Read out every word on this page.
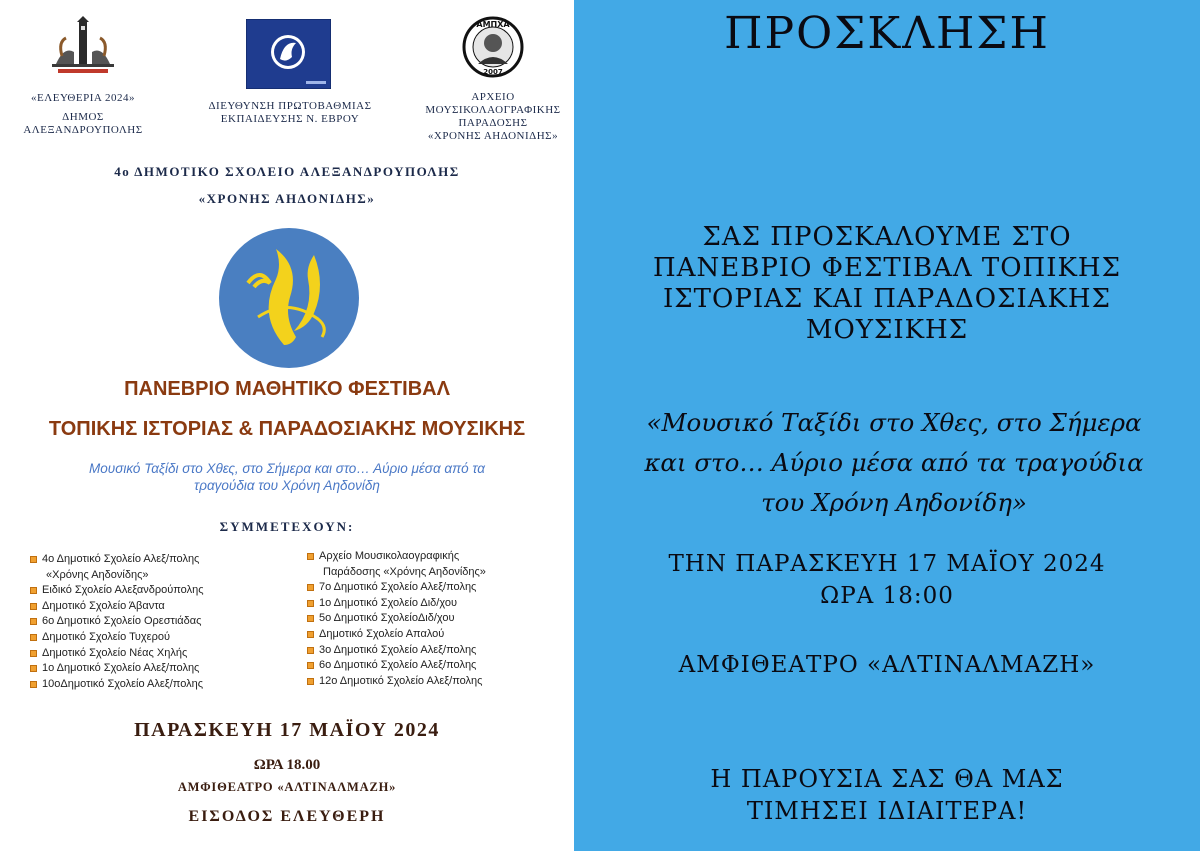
«ΕΛΕΥΘΕΡΙΑ 2024»
ΔΗΜΟΣ
ΑΛΕΞΑΝΔΡΟΥΠΟΛΗΣ
ΔΙΕΥΘΥΝΣΗ ΠΡΩΤΟΒΑΘΜΙΑΣ
ΕΚΠΑΙΔΕΥΣΗΣ Ν. ΕΒΡΟΥ
ΑΜΠΧΑ
2007
ΑΡΧΕΙΟ
ΜΟΥΣΙΚΟΛΑΟΓΡΑΦΙΚΗΣ
ΠΑΡΑΔΟΣΗΣ
«ΧΡΟΝΗΣ ΑΗΔΟΝΙΔΗΣ»
4ο ΔΗΜΟΤΙΚΟ ΣΧΟΛΕΙΟ ΑΛΕΞΑΝΔΡΟΥΠΟΛΗΣ
«ΧΡΟΝΗΣ ΑΗΔΟΝΙΔΗΣ»
ΠΑΝΕΒΡΙΟ ΜΑΘΗΤΙΚΟ ΦΕΣΤΙΒΑΛ
ΤΟΠΙΚΗΣ ΙΣΤΟΡΙΑΣ & ΠΑΡΑΔΟΣΙΑΚΗΣ ΜΟΥΣΙΚΗΣ
Μουσικό Ταξίδι στο Χθες, στο Σήμερα και στο… Αύριο μέσα από τα
τραγούδια του Χρόνη Αηδονίδη
ΣΥΜΜΕΤΕΧΟΥΝ:
4ο Δημοτικό Σχολείο Αλεξ/πολης
«Χρόνης Αηδονίδης»
Ειδικό Σχολείο Αλεξανδρούπολης
Δημοτικό Σχολείο Άβαντα
6ο Δημοτικό Σχολείο Ορεστιάδας
Δημοτικό Σχολείο Τυχερού
Δημοτικό Σχολείο Νέας Χηλής
1ο Δημοτικό Σχολείο Αλεξ/πολης
10οΔημοτικό Σχολείο Αλεξ/πολης
Αρχείο Μουσικολαογραφικής
Παράδοσης «Χρόνης Αηδονίδης»
7ο Δημοτικό Σχολείο Αλεξ/πολης
1ο Δημοτικό Σχολείο Διδ/χου
5ο Δημοτικό ΣχολείοΔιδ/χου
Δημοτικό Σχολείο Απαλού
3ο Δημοτικό Σχολείο Αλεξ/πολης
6ο Δημοτικό Σχολείο Αλεξ/πολης
12ο Δημοτικό Σχολείο Αλεξ/πολης
ΠΑΡΑΣΚΕΥΗ 17 ΜΑΪΟΥ 2024
ΩΡΑ 18.00
ΑΜΦΙΘΕΑΤΡΟ «ΑΛΤΙΝΑΛΜΑΖΗ»
ΕΙΣΟΔΟΣ ΕΛΕΥΘΕΡΗ
ΠΡΟΣΚΛΗΣΗ
ΣΑΣ ΠΡΟΣΚΑΛΟΥΜΕ ΣΤΟ
ΠΑΝΕΒΡΙΟ ΦΕΣΤΙΒΑΛ ΤΟΠΙΚΗΣ
ΙΣΤΟΡΙΑΣ ΚΑΙ ΠΑΡΑΔΟΣΙΑΚΗΣ
ΜΟΥΣΙΚΗΣ
«Μουσικό Ταξίδι στο Χθες, στο Σήμερα
και στο… Αύριο μέσα από τα τραγούδια
του Χρόνη Αηδονίδη»
ΤΗΝ ΠΑΡΑΣΚΕΥΗ 17 ΜΑΪΟΥ 2024
ΩΡΑ 18:00
ΑΜΦΙΘΕΑΤΡΟ «ΑΛΤΙΝΑΛΜΑΖΗ»
Η ΠΑΡΟΥΣΙΑ ΣΑΣ ΘΑ ΜΑΣ
ΤΙΜΗΣΕΙ ΙΔΙΑΙΤΕΡΑ!
